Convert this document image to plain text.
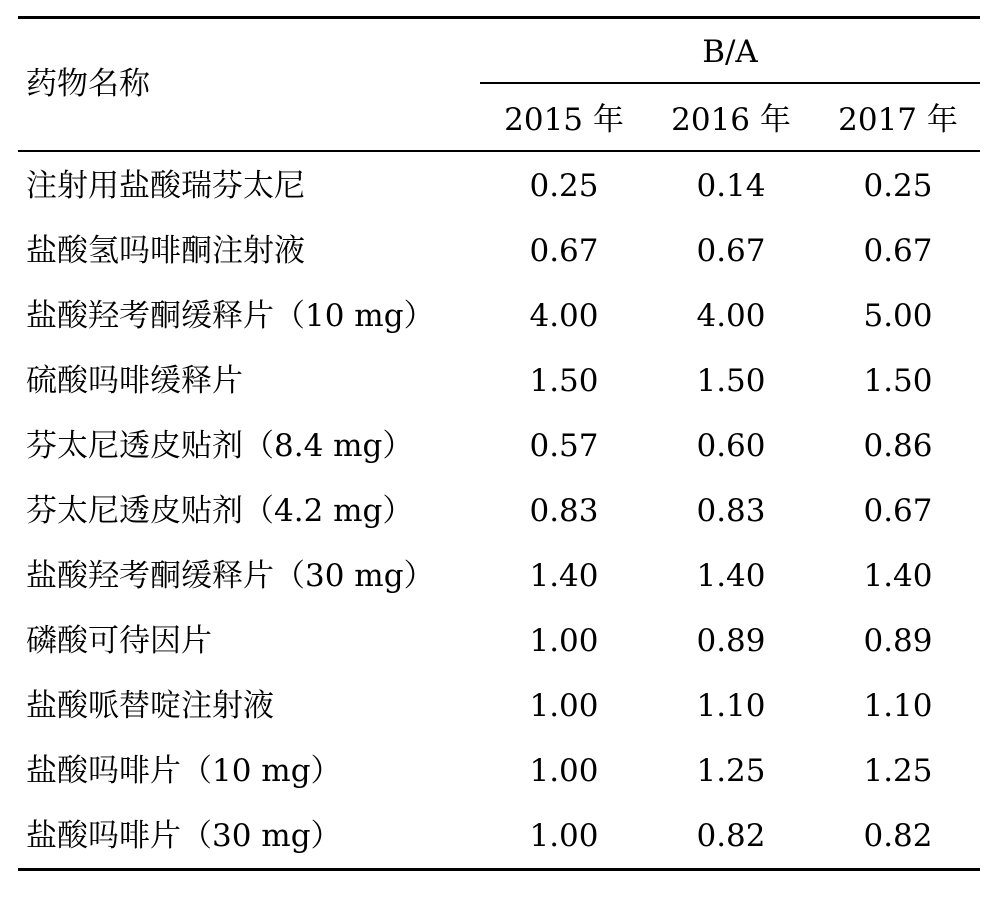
药物名称
B/A
2015 年	2016 年	2017 年
注射用盐酸瑞芬太尼	0.25	0.14	0.25
盐酸氢吗啡酮注射液	0.67	0.67	0.67
盐酸羟考酮缓释片（10 mg）	4.00	4.00	5.00
硫酸吗啡缓释片	1.50	1.50	1.50
芬太尼透皮贴剂（8.4 mg）	0.57	0.60	0.86
芬太尼透皮贴剂（4.2 mg）	0.83	0.83	0.67
盐酸羟考酮缓释片（30 mg）	1.40	1.40	1.40
磷酸可待因片	1.00	0.89	0.89
盐酸哌替啶注射液	1.00	1.10	1.10
盐酸吗啡片（10 mg）	1.00	1.25	1.25
盐酸吗啡片（30 mg）	1.00	0.82	0.82
